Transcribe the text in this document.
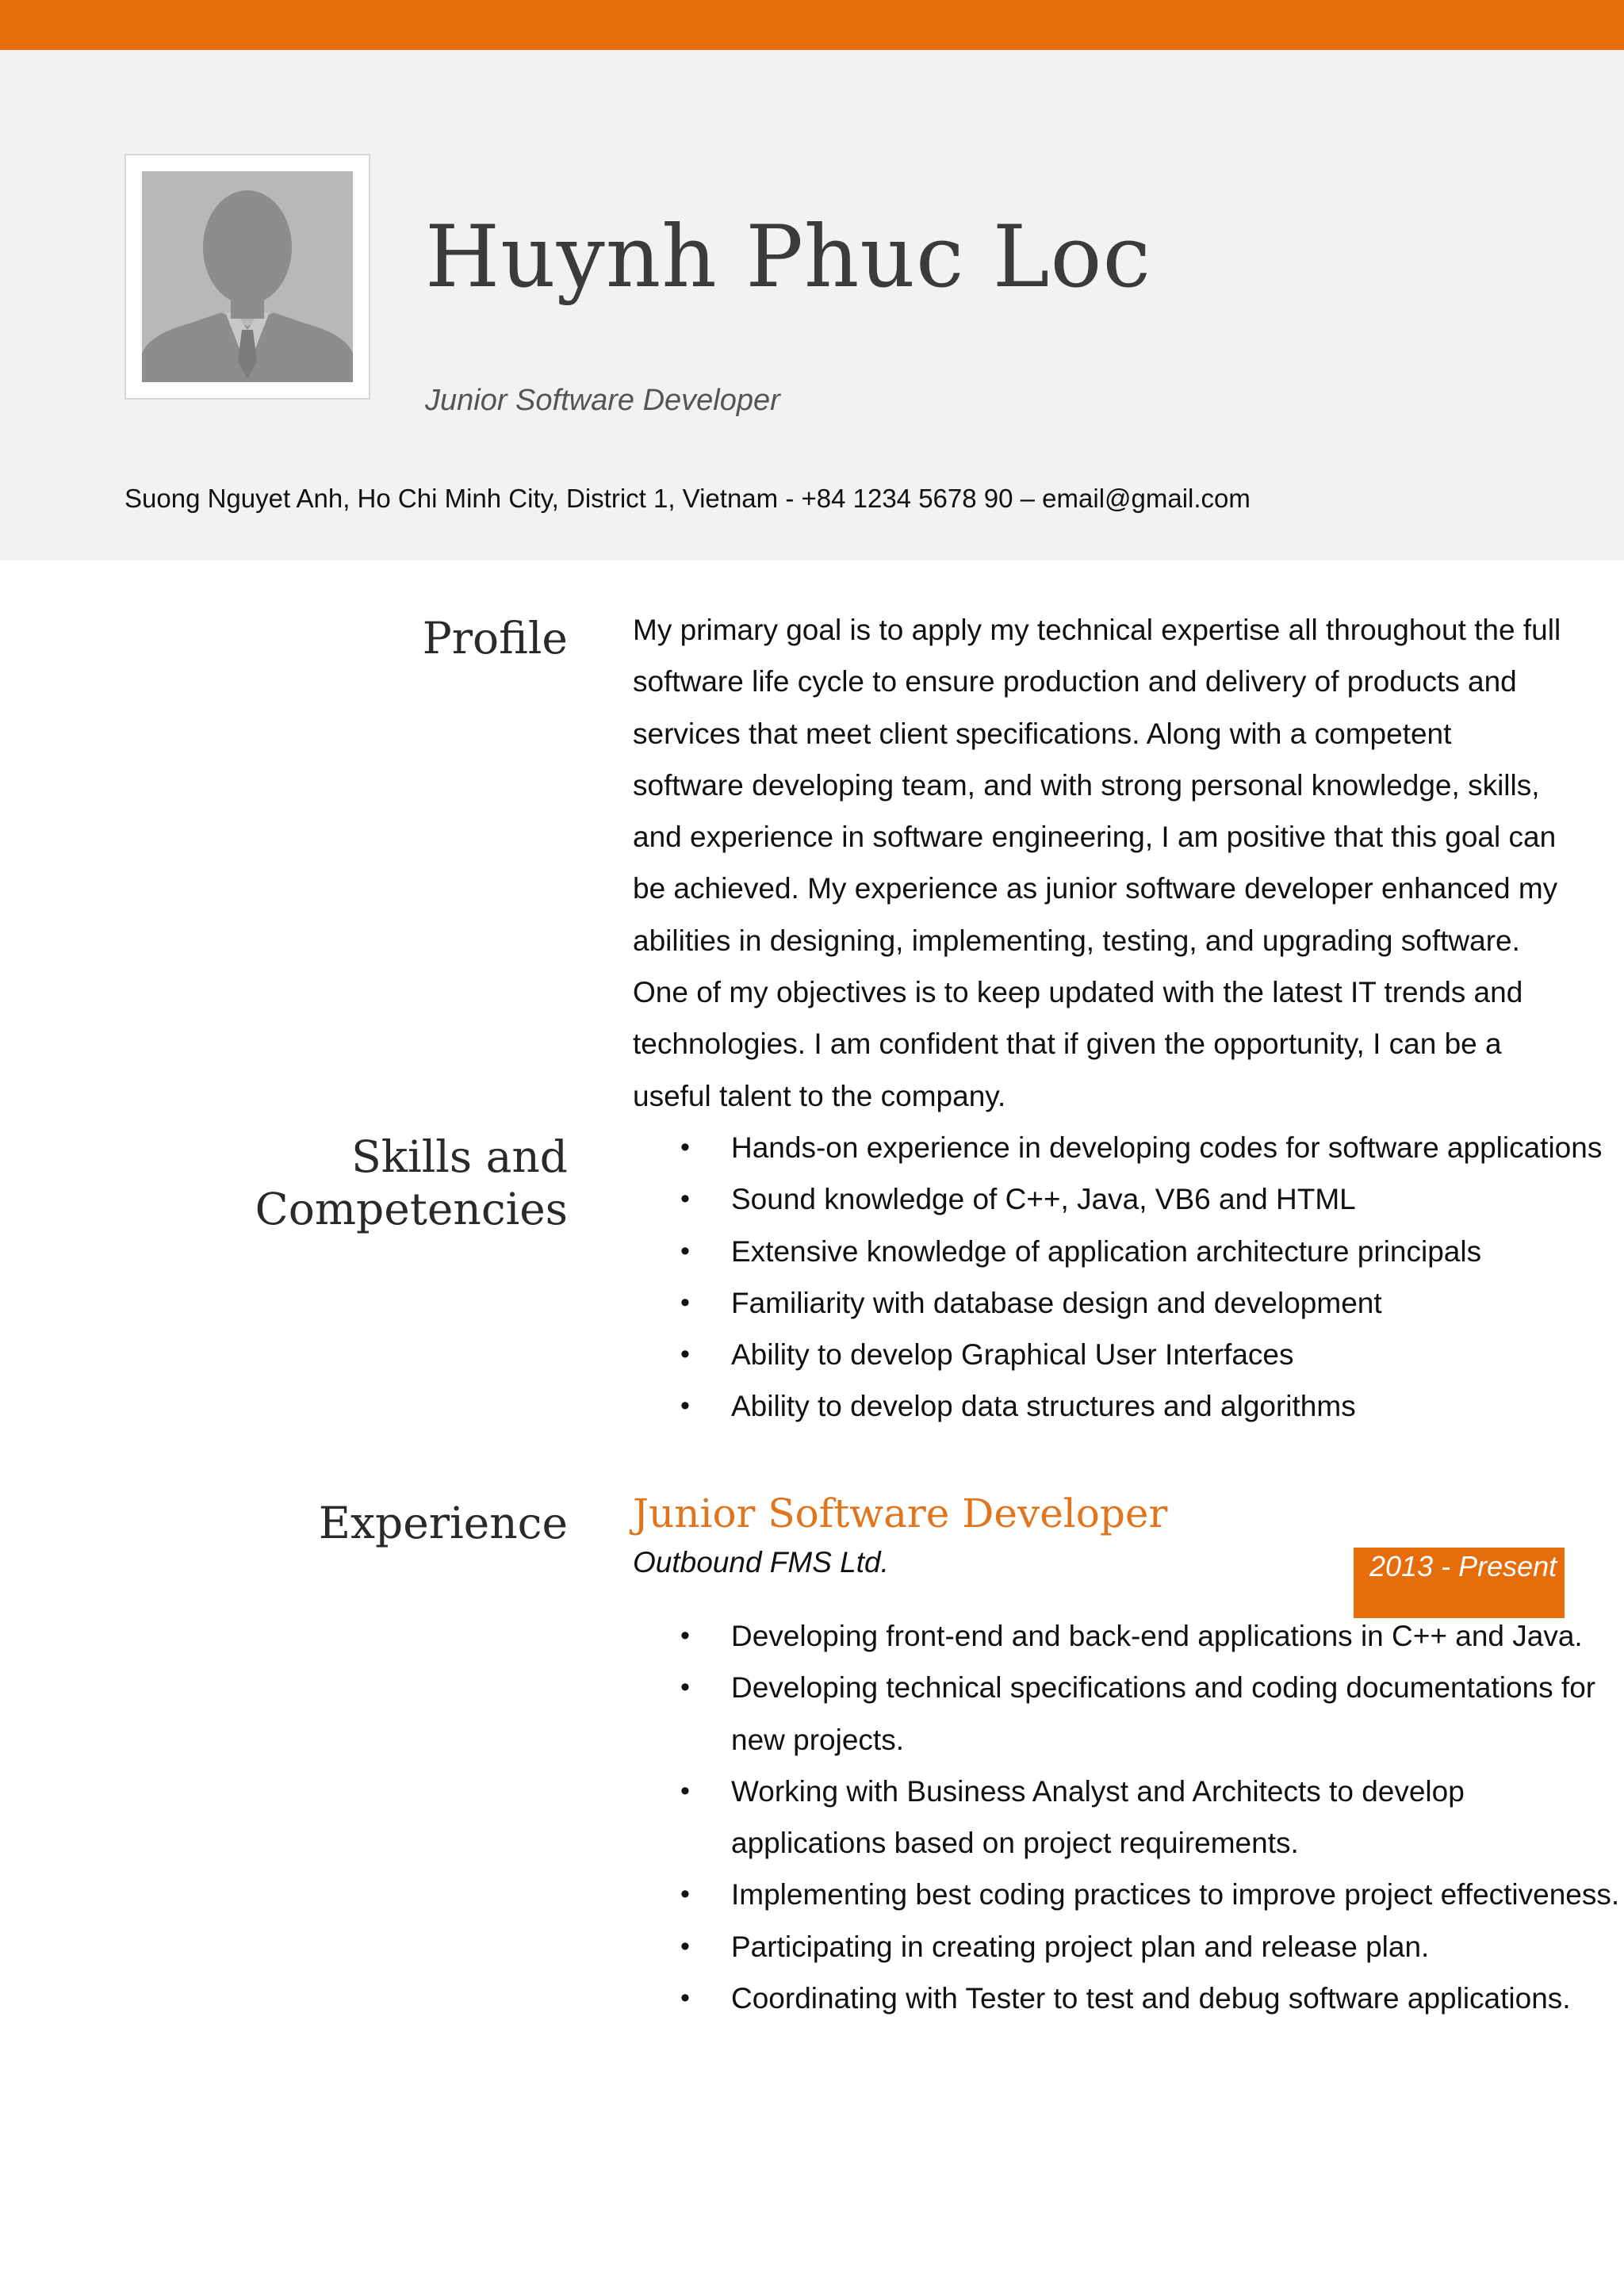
Huynh Phuc Loc
Junior Software Developer
Suong Nguyet Anh, Ho Chi Minh City, District 1, Vietnam - +84 1234 5678 90 – email@gmail.com
Profile My primary goal is to apply my technical expertise all throughout the full software life cycle to ensure production and delivery of products and services that meet client specifications. Along with a competent software developing team, and with strong personal knowledge, skills, and experience in software engineering, I am positive that this goal can be achieved. My experience as junior software developer enhanced my abilities in designing, implementing, testing, and upgrading software. One of my objectives is to keep updated with the latest IT trends and technologies. I am confident that if given the opportunity, I can be a useful talent to the company.
Skills and Competencies
• Hands-on experience in developing codes for software applications
• Sound knowledge of C++, Java, VB6 and HTML
• Extensive knowledge of application architecture principals
• Familiarity with database design and development
• Ability to develop Graphical User Interfaces
• Ability to develop data structures and algorithms
Experience Junior Software Developer
Outbound FMS Ltd.	2013 - Present
• Developing front-end and back-end applications in C++ and Java.
• Developing technical specifications and coding documentations for new projects.
• Working with Business Analyst and Architects to develop applications based on project requirements.
• Implementing best coding practices to improve project effectiveness.
• Participating in creating project plan and release plan.
• Coordinating with Tester to test and debug software applications.
